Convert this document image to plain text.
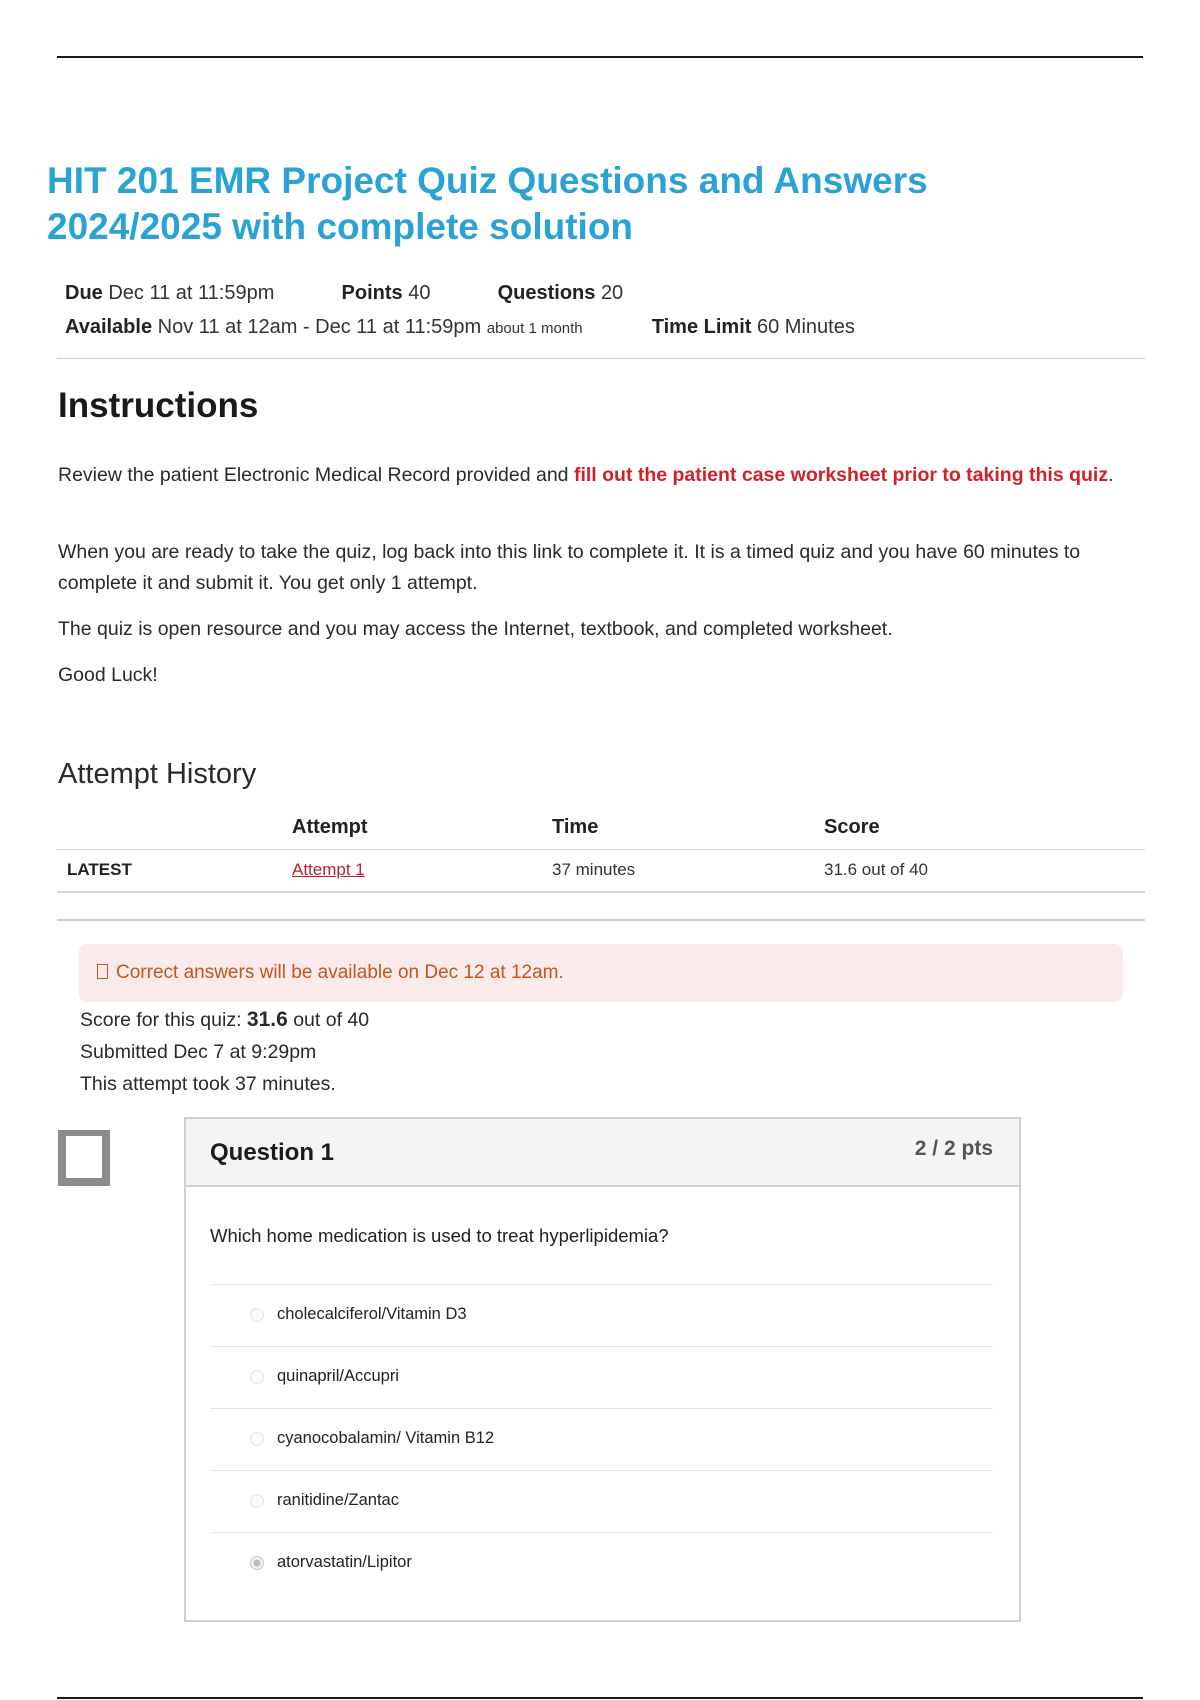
HIT 201 EMR Project Quiz Questions and Answers 2024/2025 with complete solution
Due Dec 11 at 11:59pm	Points 40	Questions 20
Available Nov 11 at 12am - Dec 11 at 11:59pm about 1 month	Time Limit 60 Minutes
Instructions

Review the patient Electronic Medical Record provided and fill out the patient case worksheet prior to taking this quiz.

When you are ready to take the quiz, log back into this link to complete it. It is a timed quiz and you have 60 minutes to complete it and submit it. You get only 1 attempt.

The quiz is open resource and you may access the Internet, textbook, and completed worksheet.

Good Luck!

Attempt History
	Attempt	Time	Score
LATEST	Attempt 1	37 minutes	31.6 out of 40
Correct answers will be available on Dec 12 at 12am.

Score for this quiz: 31.6 out of 40

Submitted Dec 7 at 9:29pm

This attempt took 37 minutes.

Question 1	2 / 2 pts
Which home medication is used to treat hyperlipidemia?
cholecalciferol/Vitamin D3
quinapril/Accupri
cyanocobalamin/ Vitamin B12
ranitidine/Zantac
atorvastatin/Lipitor
